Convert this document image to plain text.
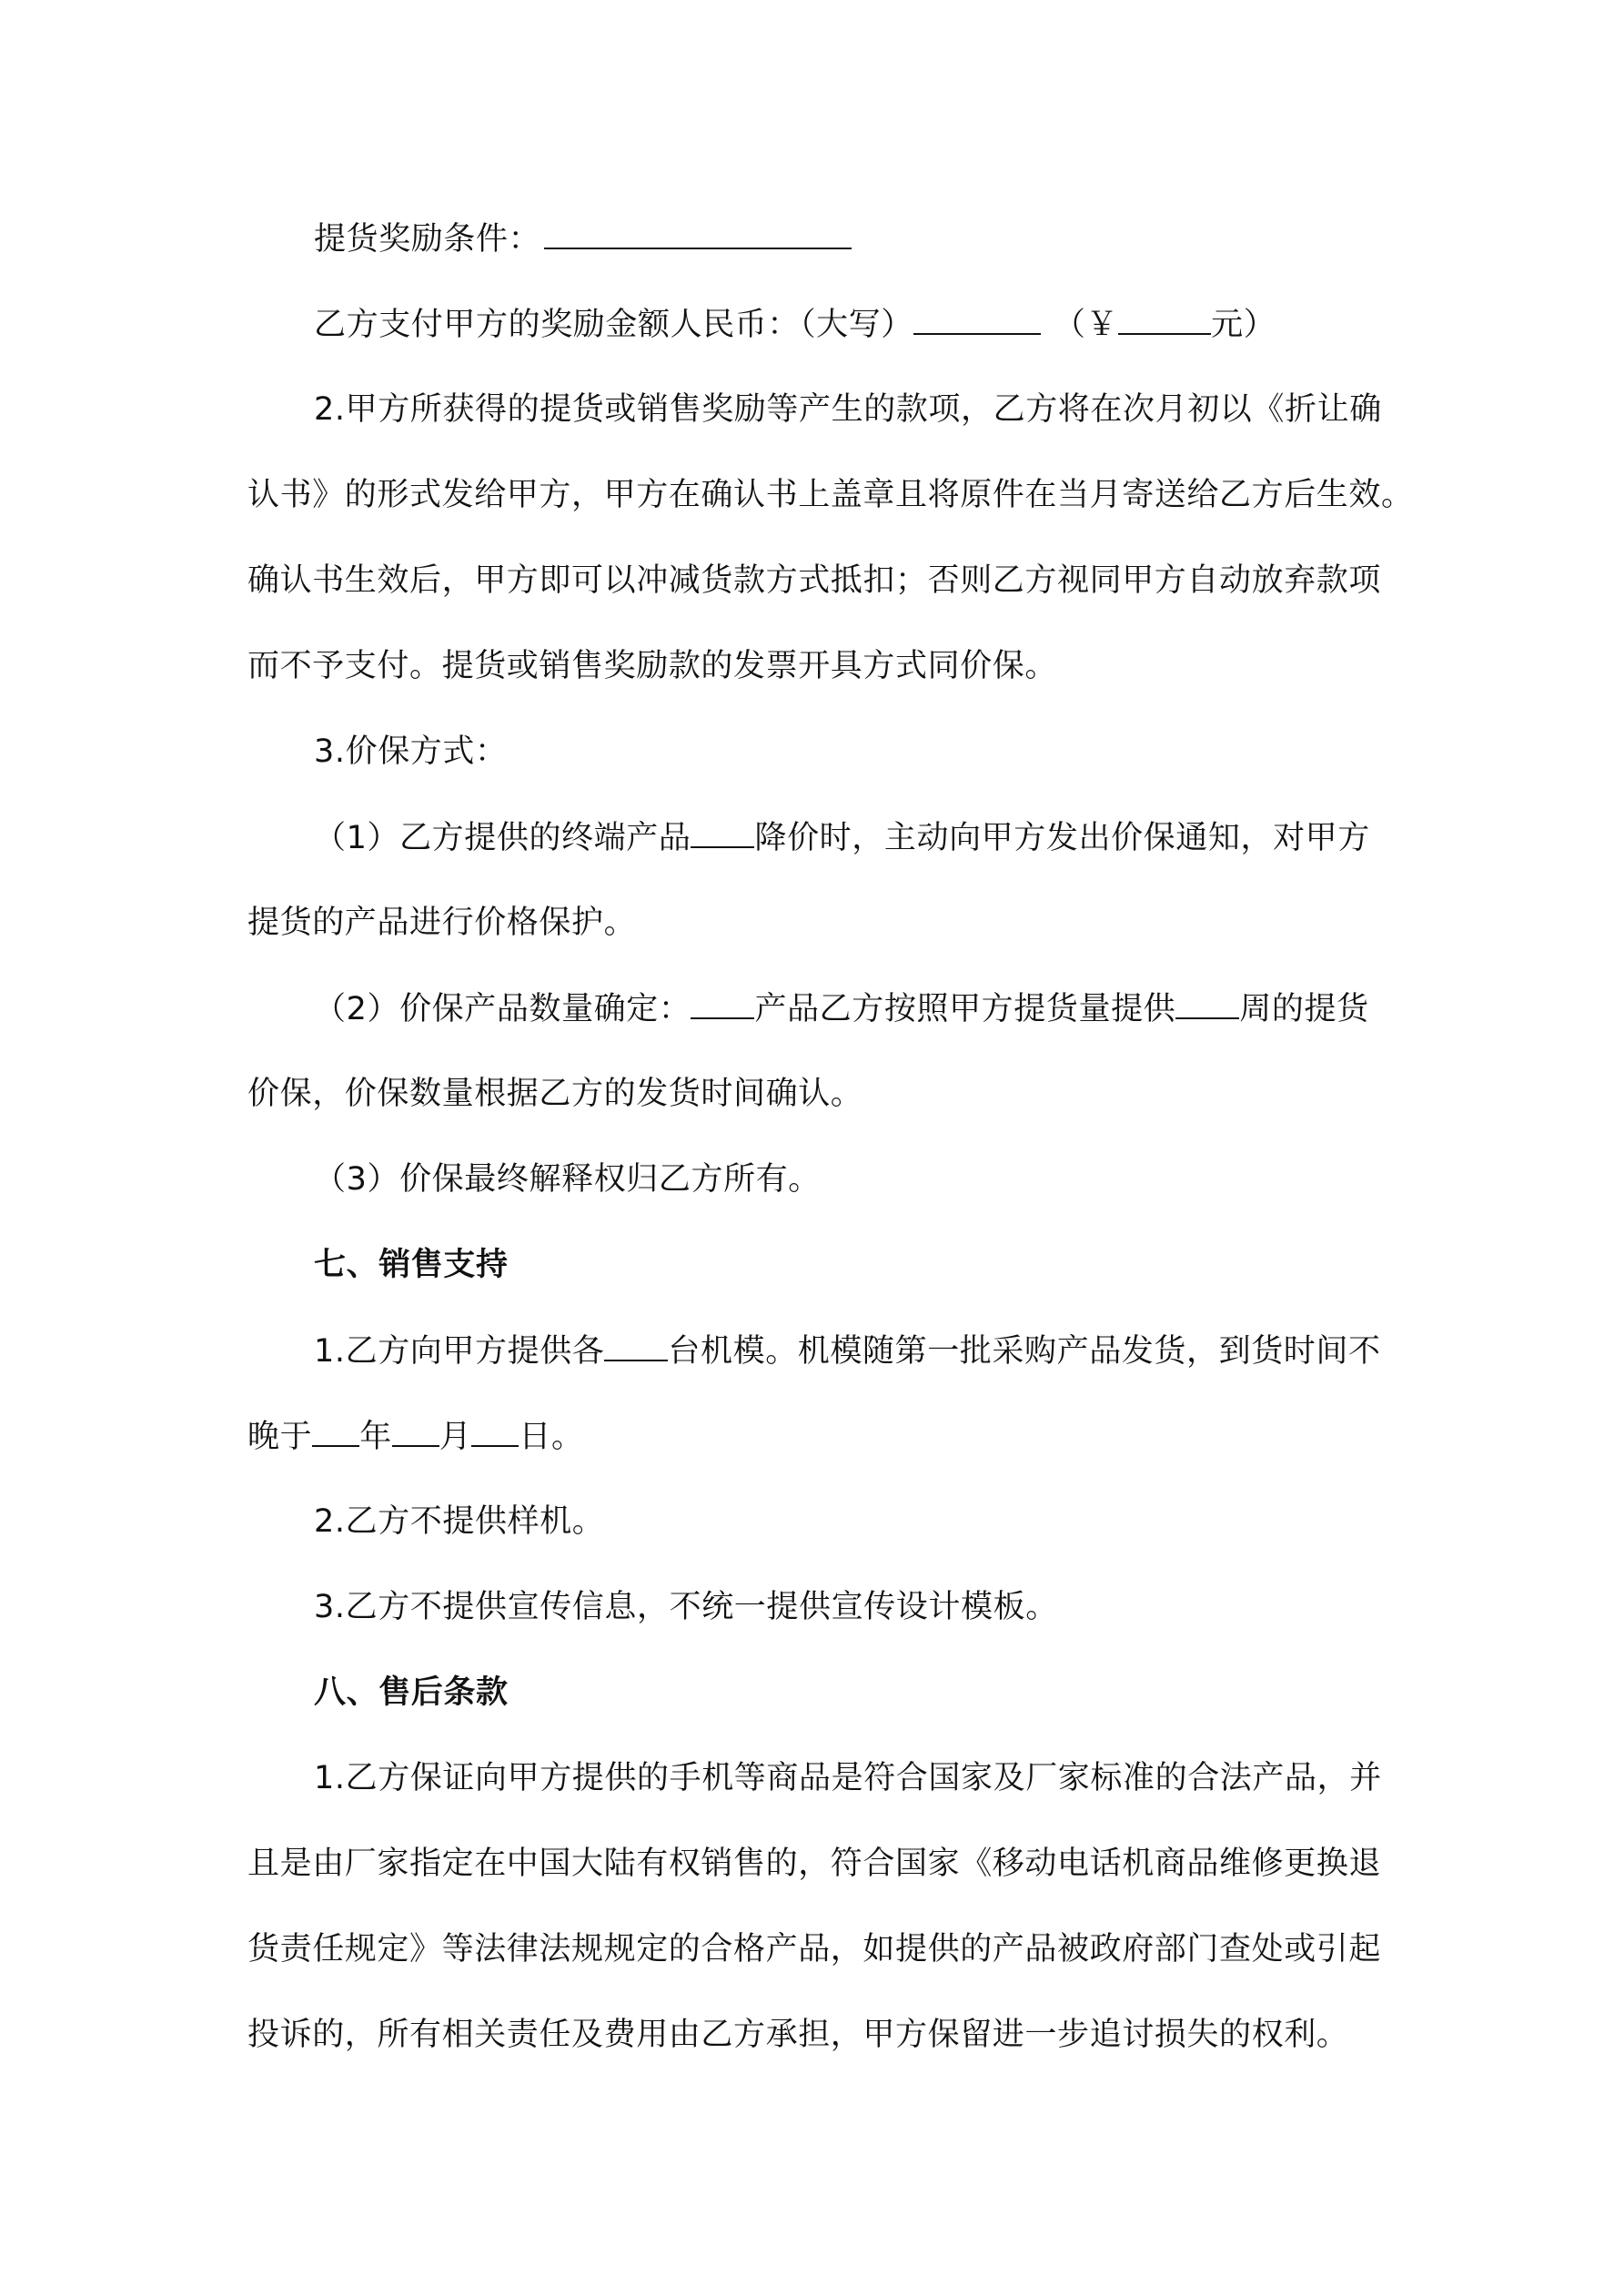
提货奖励条件：
乙方支付甲方的奖励金额人民币：（大写）	（￥	元）
2.甲方所获得的提货或销售奖励等产生的款项，乙方将在次月初以《折让确
认书》的形式发给甲方，甲方在确认书上盖章且将原件在当月寄送给乙方后生效。
确认书生效后，甲方即可以冲减货款方式抵扣；否则乙方视同甲方自动放弃款项
而不予支付。提货或销售奖励款的发票开具方式同价保。
3.价保方式：
（1）乙方提供的终端产品 降价时，主动向甲方发出价保通知，对甲方
提货的产品进行价格保护。
（2）价保产品数量确定： 产品乙方按照甲方提货量提供 周的提货
价保，价保数量根据乙方的发货时间确认。
（3）价保最终解释权归乙方所有。
七、销售支持
1.乙方向甲方提供各 台机模。机模随第一批采购产品发货，到货时间不
晚于 年 月 日。
2.乙方不提供样机。
3.乙方不提供宣传信息，不统一提供宣传设计模板。
八、售后条款
1.乙方保证向甲方提供的手机等商品是符合国家及厂家标准的合法产品，并
且是由厂家指定在中国大陆有权销售的，符合国家《移动电话机商品维修更换退
货责任规定》等法律法规规定的合格产品，如提供的产品被政府部门查处或引起
投诉的，所有相关责任及费用由乙方承担，甲方保留进一步追讨损失的权利。
